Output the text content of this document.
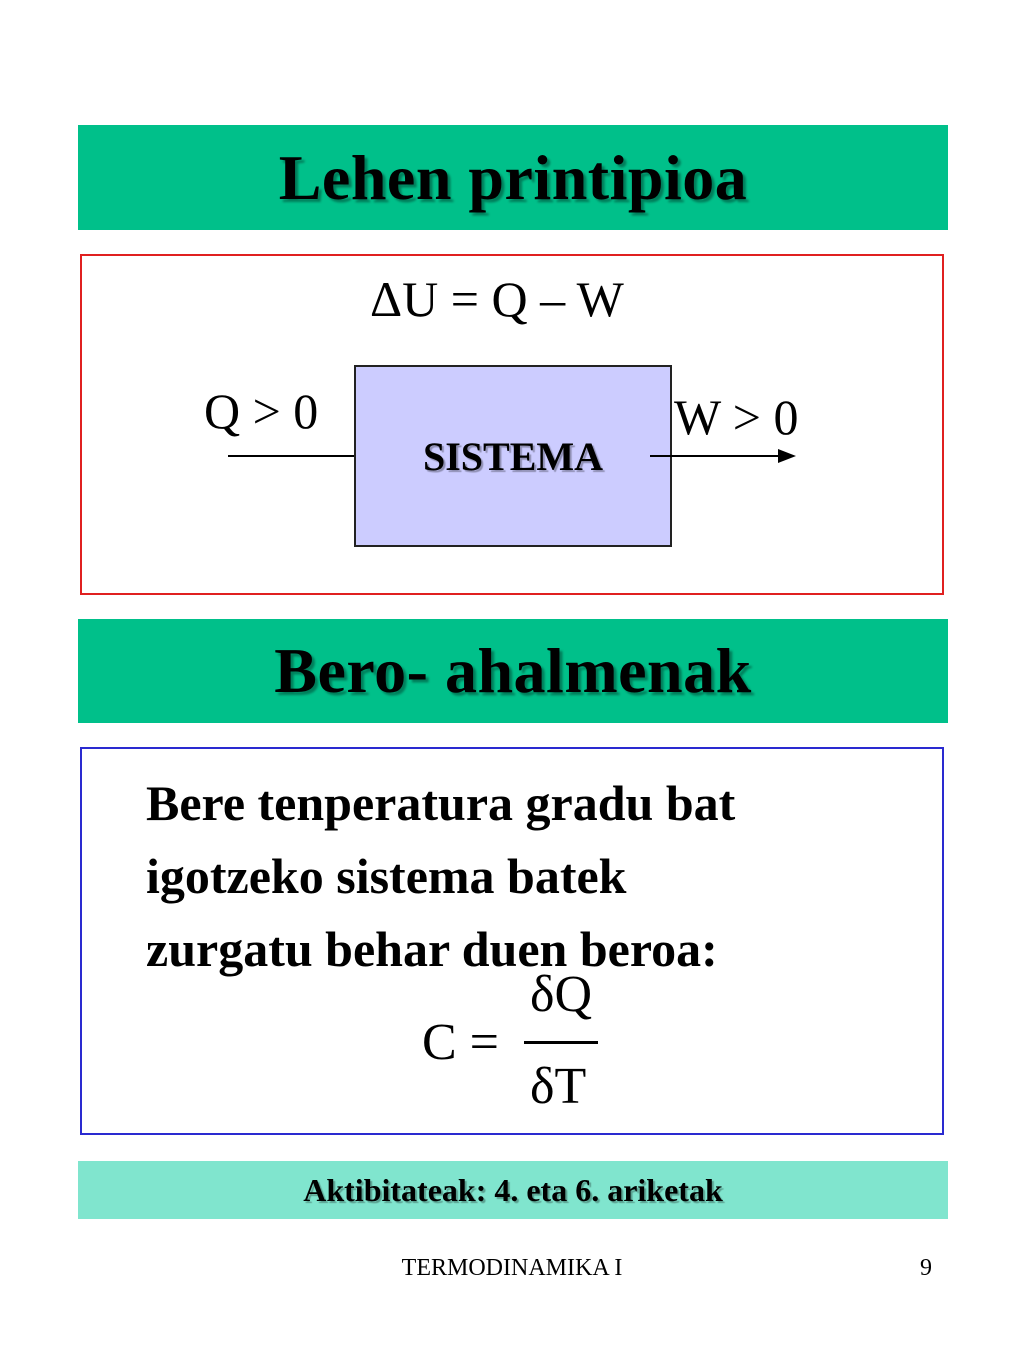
Lehen printipioa
ΔU = Q – W
Q > 0	W > 0
SISTEMA
Bero- ahalmenak
Bere tenperatura gradu bat
igotzeko sistema batek
zurgatu behar duen beroa:
C =
δQ
δT
Aktibitateak: 4. eta 6. ariketak
TERMODINAMIKA I	9
